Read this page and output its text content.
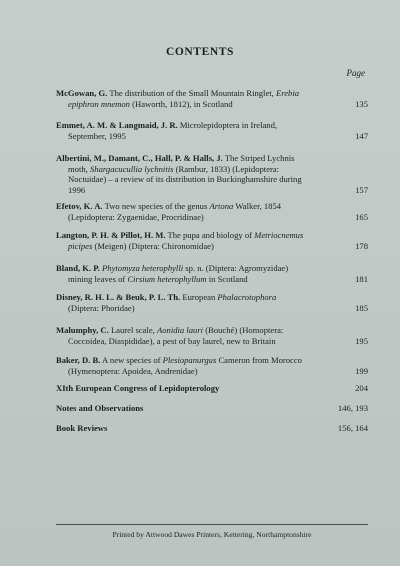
CONTENTS
Page
McGowan, G. The distribution of the Small Mountain Ringlet, Erebia
epiphron mnemon (Haworth, 1812), in Scotland	135
Emmet, A. M. & Langmaid, J. R. Microlepidoptera in Ireland,
September, 1995	147
Albertini, M., Damant, C., Hall, P. & Halls, J. The Striped Lychnis
moth, Shargacucullia lychnitis (Rambur, 1833) (Lepidoptera:
Noctuidae) – a review of its distribution in Buckinghamshire during
1996	157
Efetov, K. A. Two new species of the genus Artona Walker, 1854
(Lepidoptera: Zygaenidae, Procridinae)	165
Langton, P. H. & Pillot, H. M. The pupa and biology of Metriocnemus
picipes (Meigen) (Diptera: Chironomidae)	178
Bland, K. P. Phytomyza heterophylli sp. n. (Diptera: Agromyzidae)
mining leaves of Cirsium heterophyllum in Scotland	181
Disney, R. H. L. & Beuk, P. L. Th. European Phalacrotophora
(Diptera: Phoridae)	185
Malumphy, C. Laurel scale, Aonidia lauri (Bouché) (Homoptera:
Coccoidea, Diaspididae), a pest of bay laurel, new to Britain	195
Baker, D. B. A new species of Plesiopanurgus Cameron from Morocco
(Hymenoptera: Apoidea, Andrenidae)	199
XIth European Congress of Lepidopterology	204
Notes and Observations	146, 193
Book Reviews	156, 164
Printed by Attwood Dawes Printers, Kettering, Northamptonshire
